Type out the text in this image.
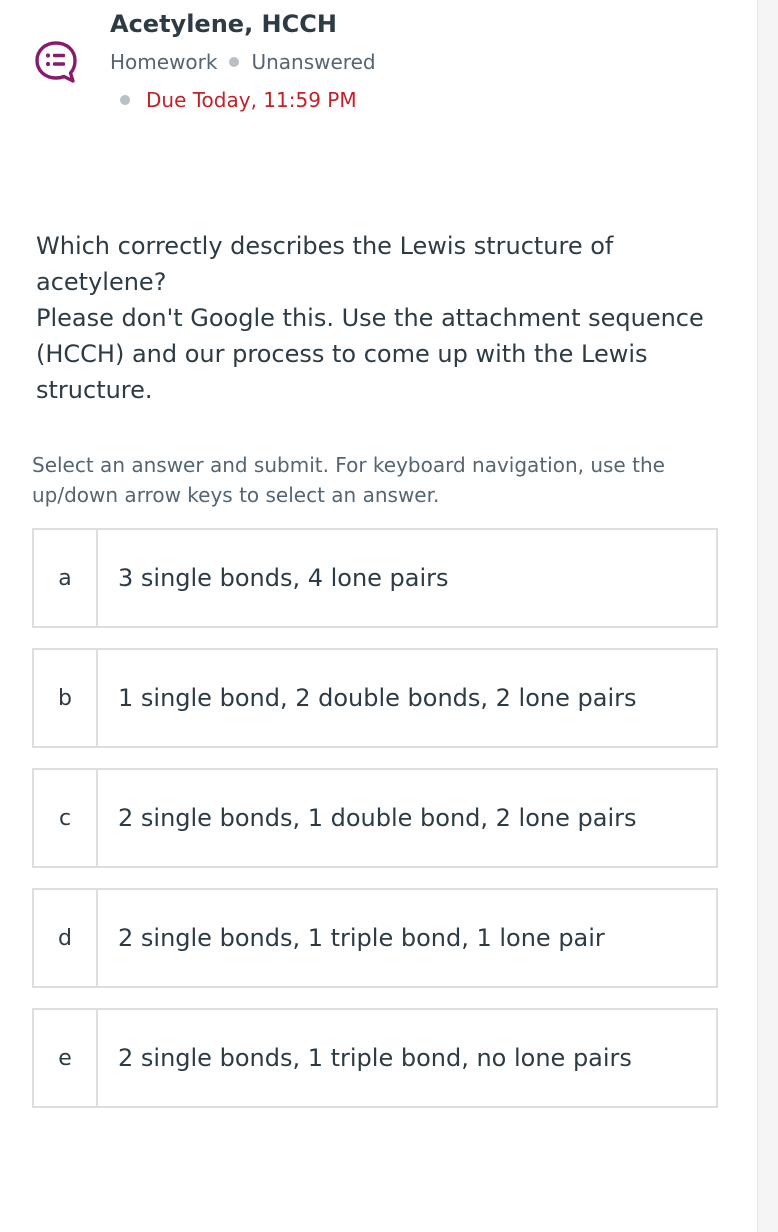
Acetylene, HCCH
Homework Unanswered
Due Today, 11:59 PM

Which correctly describes the Lewis structure of acetylene?

Please don't Google this. Use the attachment sequence (HCCH) and our process to come up with the Lewis structure.

Select an answer and submit. For keyboard navigation, use the up/down arrow keys to select an answer.
a	3 single bonds, 4 lone pairs
b	1 single bond, 2 double bonds, 2 lone pairs
c	2 single bonds, 1 double bond, 2 lone pairs
d	2 single bonds, 1 triple bond, 1 lone pair
e	2 single bonds, 1 triple bond, no lone pairs
